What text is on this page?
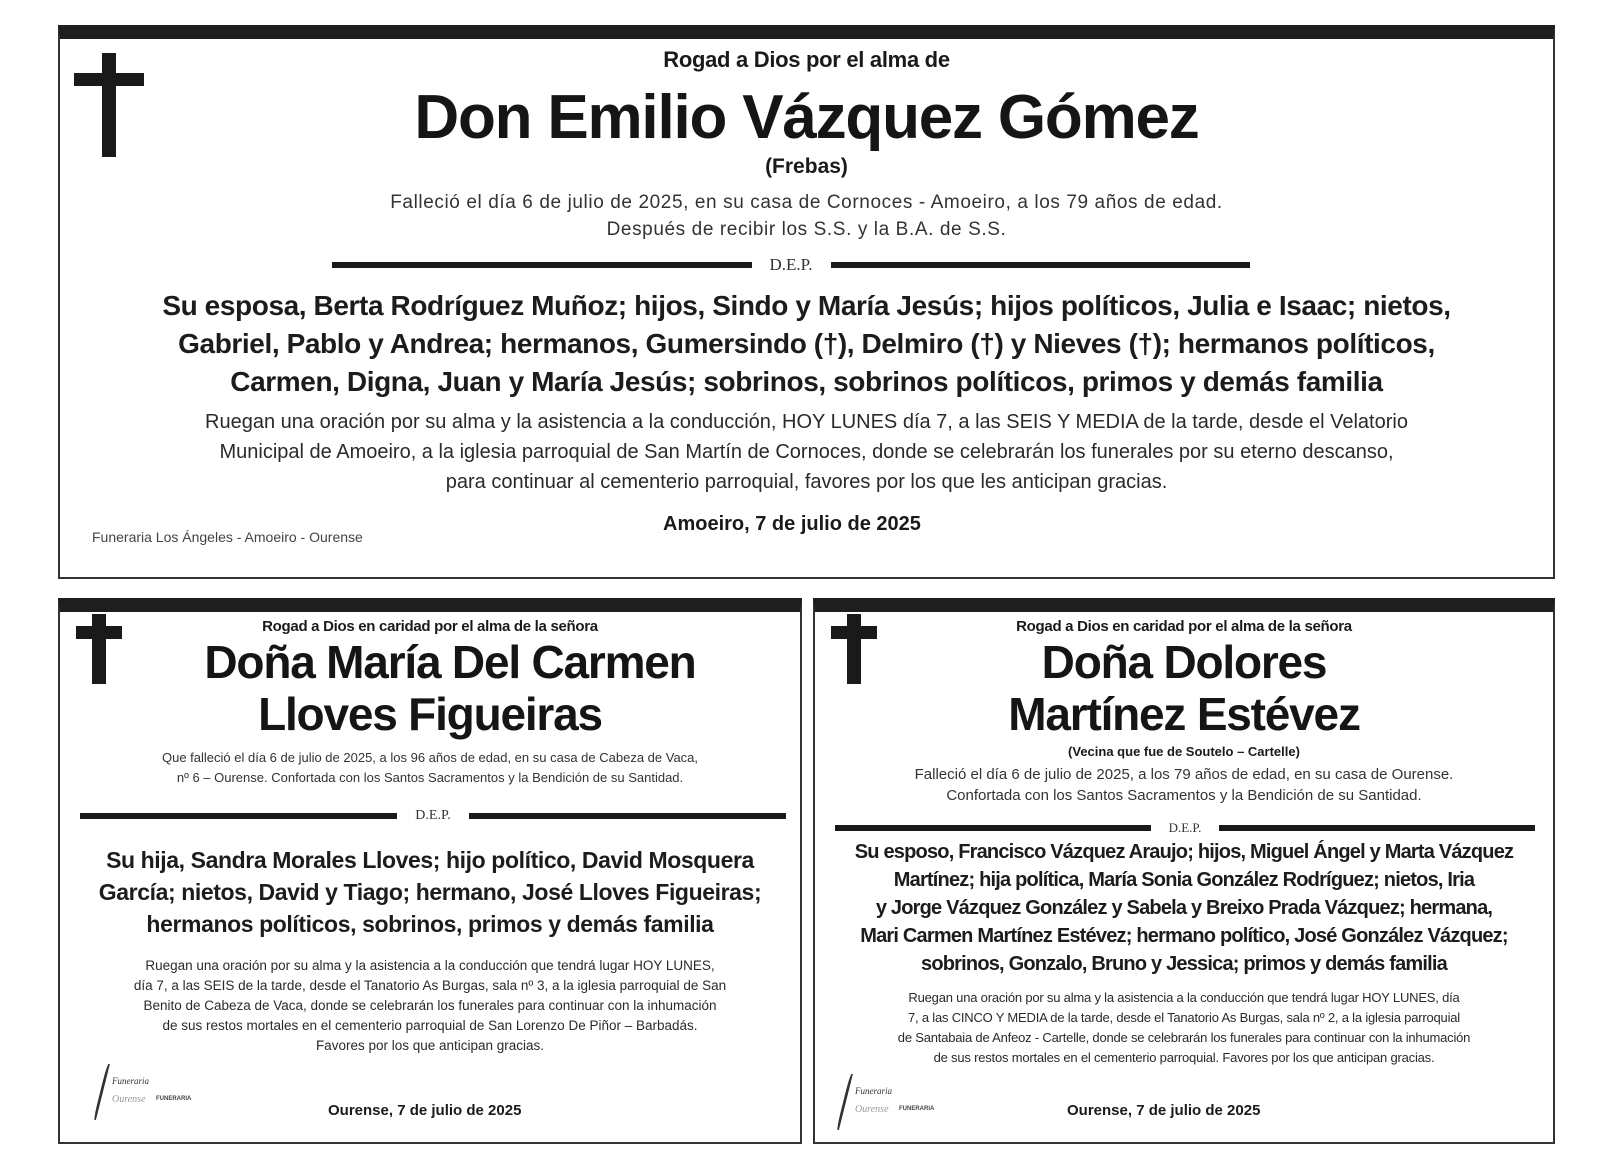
Rogad a Dios por el alma de
Don Emilio Vázquez Gómez
(Frebas)
Falleció el día 6 de julio de 2025, en su casa de Cornoces - Amoeiro, a los 79 años de edad.
Después de recibir los S.S. y la B.A. de S.S.
D.E.P.
Su esposa, Berta Rodríguez Muñoz; hijos, Sindo y María Jesús; hijos políticos, Julia e Isaac; nietos,
Gabriel, Pablo y Andrea; hermanos, Gumersindo (†), Delmiro (†) y Nieves (†); hermanos políticos,
Carmen, Digna, Juan y María Jesús; sobrinos, sobrinos políticos, primos y demás familia
Ruegan una oración por su alma y la asistencia a la conducción, HOY LUNES día 7, a las SEIS Y MEDIA de la tarde, desde el Velatorio
Municipal de Amoeiro, a la iglesia parroquial de San Martín de Cornoces, donde se celebrarán los funerales por su eterno descanso,
para continuar al cementerio parroquial, favores por los que les anticipan gracias.
Funeraria Los Ángeles - Amoeiro - Ourense
Amoeiro, 7 de julio de 2025
Rogad a Dios en caridad por el alma de la señora
Doña María Del Carmen
Lloves Figueiras
Que falleció el día 6 de julio de 2025, a los 96 años de edad, en su casa de Cabeza de Vaca,
nº 6 – Ourense. Confortada con los Santos Sacramentos y la Bendición de su Santidad.
D.E.P.
Su hija, Sandra Morales Lloves; hijo político, David Mosquera
García; nietos, David y Tiago; hermano, José Lloves Figueiras;
hermanos políticos, sobrinos, primos y demás familia
Ruegan una oración por su alma y la asistencia a la conducción que tendrá lugar HOY LUNES,
día 7, a las SEIS de la tarde, desde el Tanatorio As Burgas, sala nº 3, a la iglesia parroquial de San
Benito de Cabeza de Vaca, donde se celebrarán los funerales para continuar con la inhumación
de sus restos mortales en el cementerio parroquial de San Lorenzo De Piñor – Barbadás.
Favores por los que anticipan gracias.
Funeraria
Ourense FUNERARIA
Ourense, 7 de julio de 2025
Rogad a Dios en caridad por el alma de la señora
Doña Dolores
Martínez Estévez
(Vecina que fue de Soutelo – Cartelle)
Falleció el día 6 de julio de 2025, a los 79 años de edad, en su casa de Ourense.
Confortada con los Santos Sacramentos y la Bendición de su Santidad.
D.E.P.
Su esposo, Francisco Vázquez Araujo; hijos, Miguel Ángel y Marta Vázquez
Martínez; hija política, María Sonia González Rodríguez; nietos, Iria
y Jorge Vázquez González y Sabela y Breixo Prada Vázquez; hermana,
Mari Carmen Martínez Estévez; hermano político, José González Vázquez;
sobrinos, Gonzalo, Bruno y Jessica; primos y demás familia
Ruegan una oración por su alma y la asistencia a la conducción que tendrá lugar HOY LUNES, día
7, a las CINCO Y MEDIA de la tarde, desde el Tanatorio As Burgas, sala nº 2, a la iglesia parroquial
de Santabaia de Anfeoz - Cartelle, donde se celebrarán los funerales para continuar con la inhumación
de sus restos mortales en el cementerio parroquial. Favores por los que anticipan gracias.
Funeraria
Ourense FUNERARIA	Ourense, 7 de julio de 2025
